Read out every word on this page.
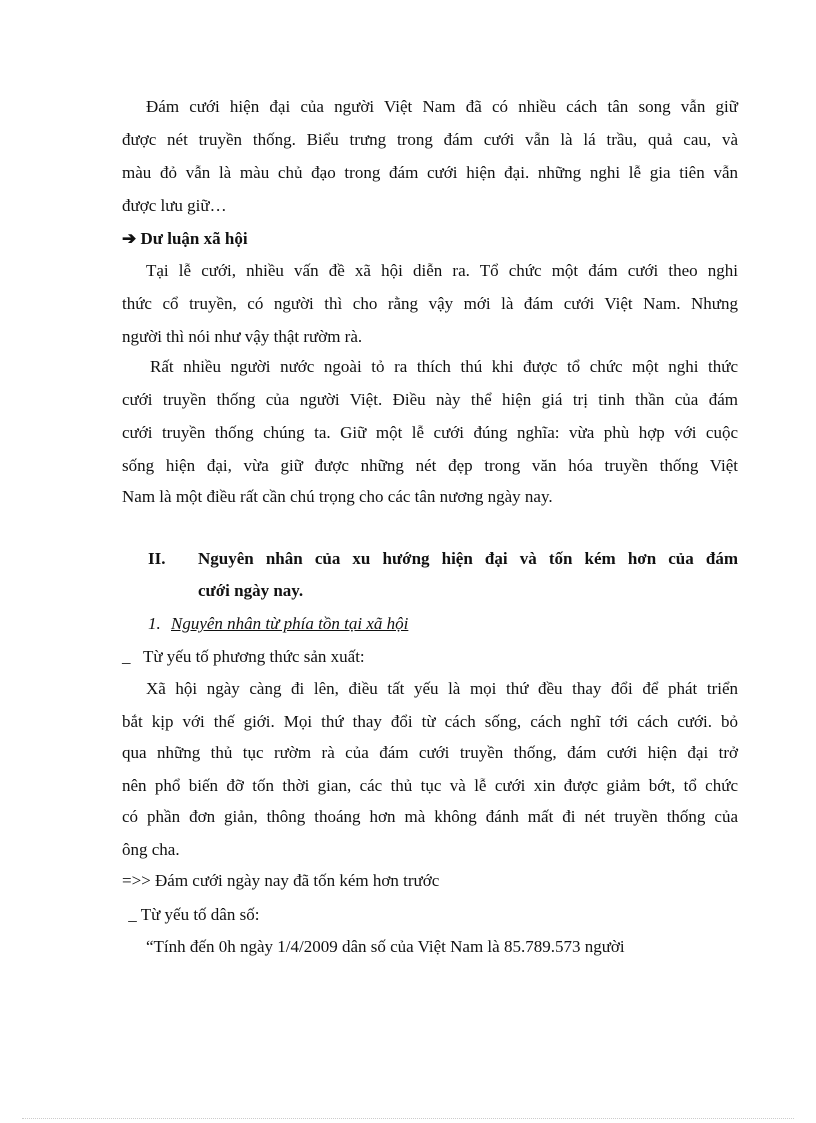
Đám cưới hiện đại của người Việt Nam đã có nhiều cách tân song vẫn giữ
được nét truyền thống. Biểu trưng trong đám cưới vẫn là lá trầu, quả cau, và
màu đỏ vẫn là màu chủ đạo trong đám cưới hiện đại. những nghi lễ gia tiên vẫn
được lưu giữ…
➔ Dư luận xã hội
Tại lễ cưới, nhiều vấn đề xã hội diễn ra. Tổ chức một đám cưới theo nghi
thức cổ truyền, có người thì cho rằng vậy mới là đám cưới Việt Nam. Nhưng
người thì nói như vậy thật rườm rà.
Rất nhiều người nước ngoài tỏ ra thích thú khi được tổ chức một nghi thức
cưới truyền thống của người Việt. Điều này thể hiện giá trị tinh thần của đám
cưới truyền thống chúng ta. Giữ một lễ cưới đúng nghĩa: vừa phù hợp với cuộc
sống hiện đại, vừa giữ được những nét đẹp trong văn hóa truyền thống Việt
Nam là một điều rất cần chú trọng cho các tân nương ngày nay.
II. Nguyên nhân của xu hướng hiện đại và tốn kém hơn của đám
cưới ngày nay.
1. Nguyên nhân từ phía tồn tại xã hội
_   Từ yếu tố phương thức sản xuất:
Xã hội ngày càng đi lên, điều tất yếu là mọi thứ đều thay đổi để phát triển
bắt kịp với thế giới. Mọi thứ thay đổi từ cách sống, cách nghĩ tới cách cưới. bỏ
qua những thủ tục rườm rà của đám cưới truyền thống, đám cưới hiện đại trở
nên phổ biến đỡ tốn thời gian, các thủ tục và lễ cưới xin được giảm bớt, tổ chức
có phần đơn giản, thông thoáng hơn mà không đánh mất đi nét truyền thống của
ông cha.
=>> Đám cưới ngày nay đã tốn kém hơn trước
_ Từ yếu tố dân số:
“Tính đến 0h ngày 1/4/2009 dân số của Việt Nam là 85.789.573 người
